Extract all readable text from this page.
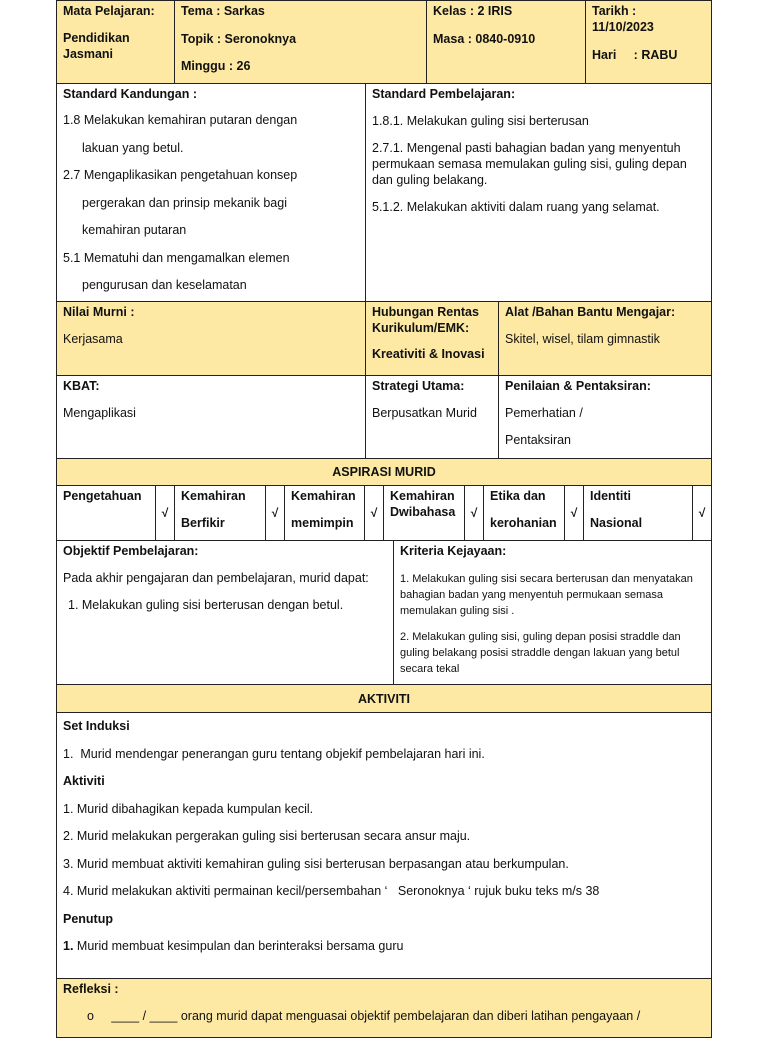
Mata Pelajaran:

Pendidikan Jasmani

Tema : Sarkas

Topik : Seronoknya

Minggu : 26

Kelas : 2 IRIS

Masa : 0840-0910

Tarikh :

11/10/2023

Hari     : RABU

Standard Kandungan :

1.8 Melakukan kemahiran putaran dengan

lakuan yang betul.

2.7 Mengaplikasikan pengetahuan konsep

pergerakan dan prinsip mekanik bagi

kemahiran putaran

5.1 Mematuhi dan mengamalkan elemen

pengurusan dan keselamatan

Standard Pembelajaran:

1.8.1. Melakukan guling sisi berterusan

2.7.1. Mengenal pasti bahagian badan yang menyentuh permukaan semasa memulakan guling sisi, guling depan dan guling belakang.

5.1.2. Melakukan aktiviti dalam ruang yang selamat.

Nilai Murni :

Kerjasama

Hubungan Rentas Kurikulum/EMK:

Kreativiti & Inovasi

Alat /Bahan Bantu Mengajar:

Skitel, wisel, tilam gimnastik

KBAT:

Mengaplikasi

Strategi Utama:

Berpusatkan Murid

Penilaian & Pentaksiran:

Pemerhatian /

Pentaksiran

ASPIRASI MURID

Pengetahuan

√

Kemahiran

Berfikir

√

Kemahiran

memimpin

√

Kemahiran Dwibahasa	√

Etika dan

kerohanian

√

Identiti

Nasional

√

Objektif Pembelajaran:

Pada akhir pengajaran dan pembelajaran, murid dapat:

1. Melakukan guling sisi berterusan dengan betul.

Kriteria Kejayaan:

1. Melakukan guling sisi secara berterusan dan menyatakan bahagian badan yang menyentuh permukaan semasa memulakan guling sisi .

2. Melakukan guling sisi, guling depan posisi straddle dan guling belakang posisi straddle dengan lakuan yang betul secara tekal

AKTIVITI

Set Induksi

1.  Murid mendengar penerangan guru tentang objekif pembelajaran hari ini.

Aktiviti

1. Murid dibahagikan kepada kumpulan kecil.

2. Murid melakukan pergerakan guling sisi berterusan secara ansur maju.

3. Murid membuat aktiviti kemahiran guling sisi berterusan berpasangan atau berkumpulan.

4. Murid melakukan aktiviti permainan kecil/persembahan ‘   Seronoknya ‘ rujuk buku teks m/s 38

Penutup

1. Murid membuat kesimpulan dan berinteraksi bersama guru

Refleksi :

o ____ / ____ orang murid dapat menguasai objektif pembelajaran dan diberi latihan pengayaan /
